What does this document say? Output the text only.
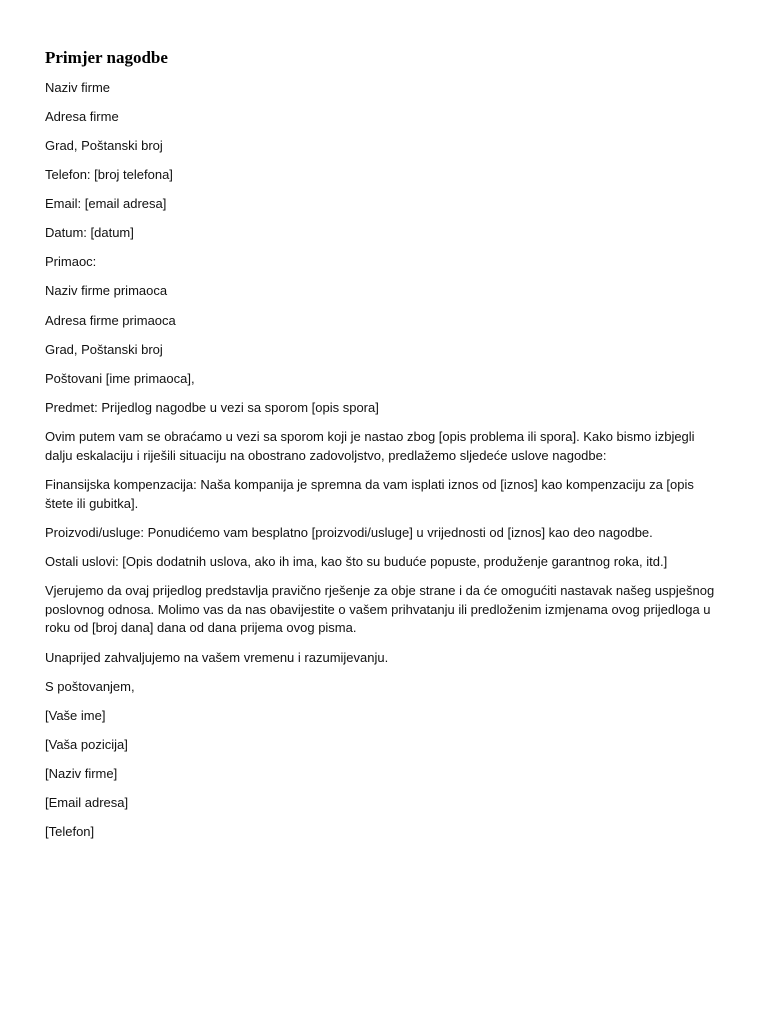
Primjer nagodbe

Naziv firme

Adresa firme

Grad, Poštanski broj

Telefon: [broj telefona]

Email: [email adresa]

Datum: [datum]

Primaoc:

Naziv firme primaoca

Adresa firme primaoca

Grad, Poštanski broj

Poštovani [ime primaoca],

Predmet: Prijedlog nagodbe u vezi sa sporom [opis spora]

Ovim putem vam se obraćamo u vezi sa sporom koji je nastao zbog [opis problema ili spora]. Kako bismo izbjegli dalju eskalaciju i riješili situaciju na obostrano zadovoljstvo, predlažemo sljedeće uslove nagodbe:

Finansijska kompenzacija: Naša kompanija je spremna da vam isplati iznos od [iznos] kao kompenzaciju za [opis štete ili gubitka].

Proizvodi/usluge: Ponudićemo vam besplatno [proizvodi/usluge] u vrijednosti od [iznos] kao deo nagodbe.

Ostali uslovi: [Opis dodatnih uslova, ako ih ima, kao što su buduće popuste, produženje garantnog roka, itd.]

Vjerujemo da ovaj prijedlog predstavlja pravično rješenje za obje strane i da će omogućiti nastavak našeg uspješnog poslovnog odnosa. Molimo vas da nas obavijestite o vašem prihvatanju ili predloženim izmjenama ovog prijedloga u roku od [broj dana] dana od dana prijema ovog pisma.

Unaprijed zahvaljujemo na vašem vremenu i razumijevanju.

S poštovanjem,

[Vaše ime]

[Vaša pozicija]

[Naziv firme]

[Email adresa]

[Telefon]
